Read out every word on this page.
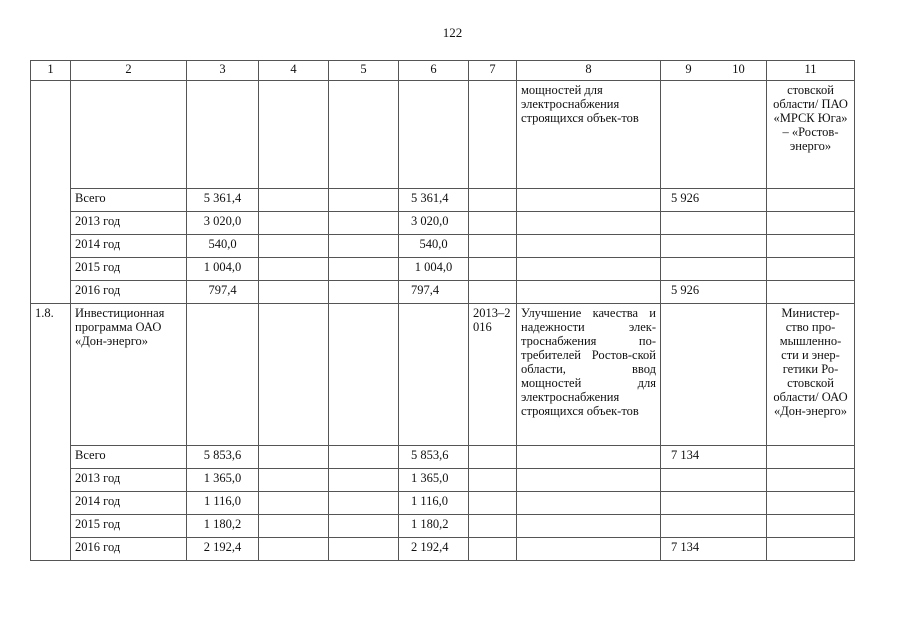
122
1	2	3	4	5	6	7	8	9 10	11
							мощностей для электроснабжения строящихся объек-тов		стовской области/ ПАО «МРСК Юга» – «Ростов-энерго»
	Всего	5 361,4			5 361,4			5 926	
	2013 год	3 020,0			3 020,0				
	2014 год	540,0			540,0				
	2015 год	1 004,0			1 004,0				
	2016 год	797,4			797,4			5 926	
1.8.	Инвестиционная программа ОАО «Дон-энерго»					2013–2016	Улучшение качества и надежности элек-троснабжения по-требителей Ростов-ской области, ввод мощностей для электроснабжения строящихся объек-тов		Министер-ство про-мышленно-сти и энер-гетики Ро-стовской области/ ОАО «Дон-энерго»
	Всего	5 853,6			5 853,6			7 134	
	2013 год	1 365,0			1 365,0				
	2014 год	1 116,0			1 116,0				
	2015 год	1 180,2			1 180,2				
	2016 год	2 192,4			2 192,4			7 134	
